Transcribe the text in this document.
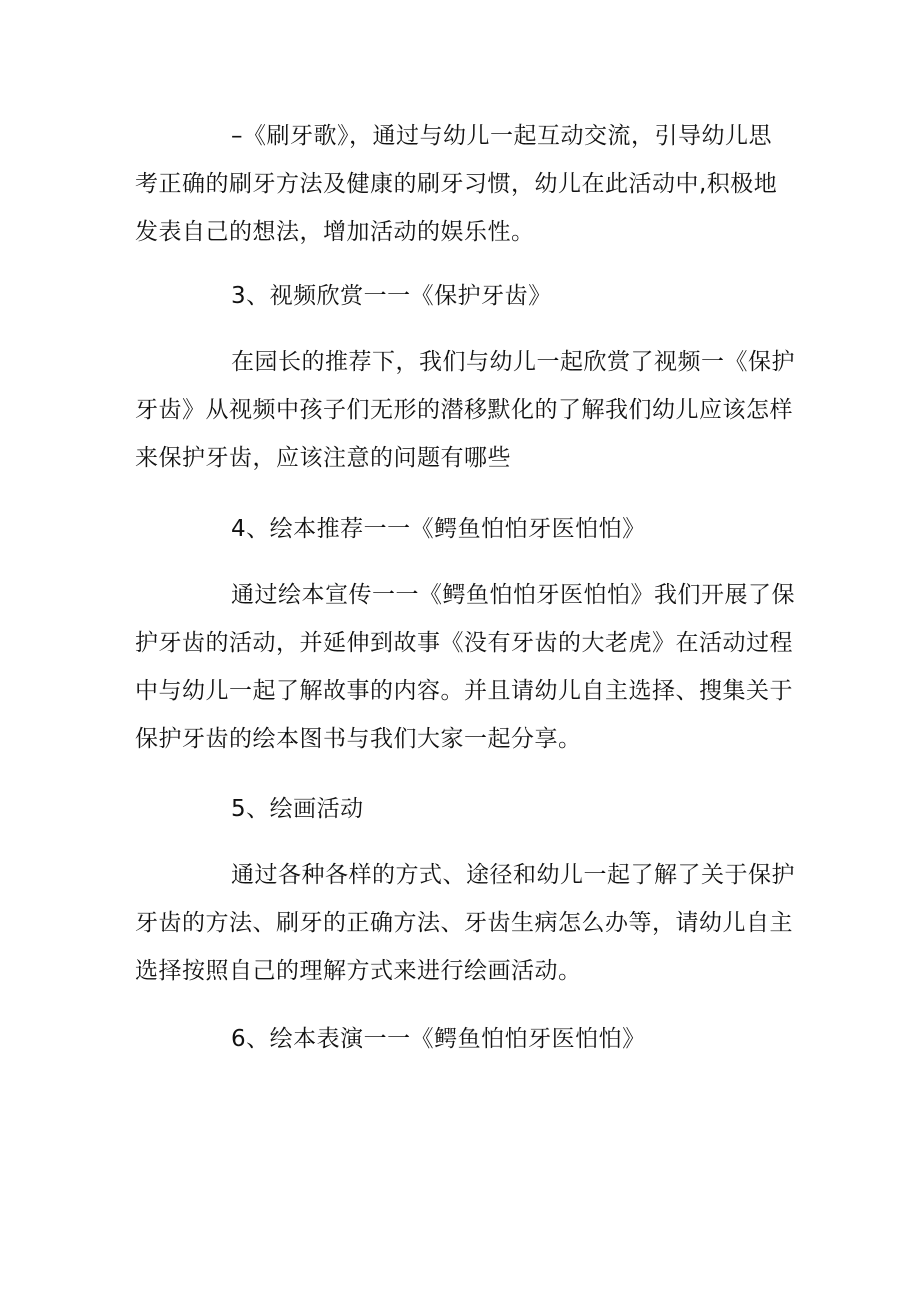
–《刷牙歌》，通过与幼儿一起互动交流，引导幼儿思
考正确的刷牙方法及健康的刷牙习惯，幼儿在此活动中,积极地
发表自己的想法，增加活动的娱乐性。
3、视频欣赏一一《保护牙齿》
在园长的推荐下，我们与幼儿一起欣赏了视频一《保护
牙齿》从视频中孩子们无形的潜移默化的了解我们幼儿应该怎样
来保护牙齿，应该注意的问题有哪些
4、绘本推荐一一《鳄鱼怕怕牙医怕怕》
通过绘本宣传一一《鳄鱼怕怕牙医怕怕》我们开展了保
护牙齿的活动，并延伸到故事《没有牙齿的大老虎》在活动过程
中与幼儿一起了解故事的内容。并且请幼儿自主选择、搜集关于
保护牙齿的绘本图书与我们大家一起分享。
5、绘画活动
通过各种各样的方式、途径和幼儿一起了解了关于保护
牙齿的方法、刷牙的正确方法、牙齿生病怎么办等，请幼儿自主
选择按照自己的理解方式来进行绘画活动。
6、绘本表演一一《鳄鱼怕怕牙医怕怕》
